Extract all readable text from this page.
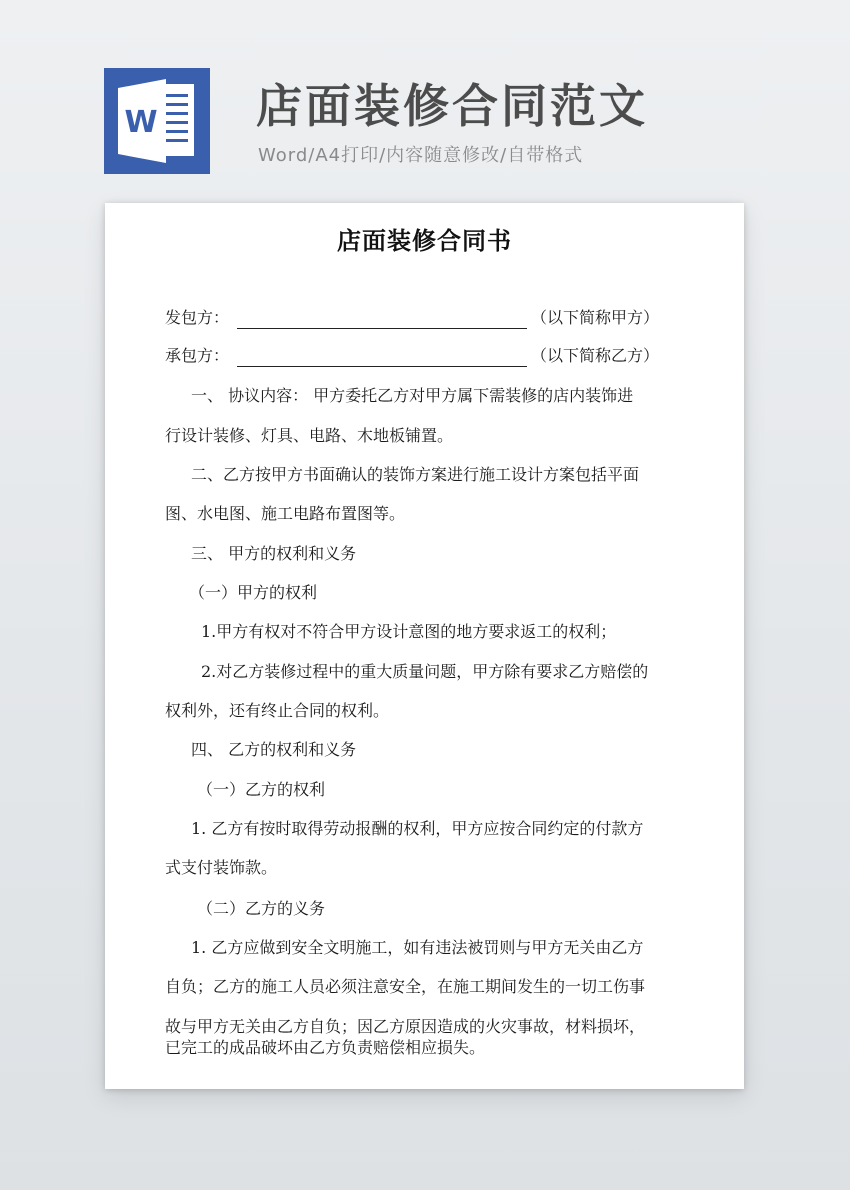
W 店面装修合同范文
Word/A4打印/内容随意修改/自带格式
店面装修合同书
发包方：	（以下简称甲方）
承包方：	（以下简称乙方）
一、 协议内容： 甲方委托乙方对甲方属下需装修的店内装饰进
行设计装修、灯具、电路、木地板铺置。
二、乙方按甲方书面确认的装饰方案进行施工设计方案包括平面
图、水电图、施工电路布置图等。
三、 甲方的权利和义务
（一）甲方的权利
1.甲方有权对不符合甲方设计意图的地方要求返工的权利；
2.对乙方装修过程中的重大质量问题，甲方除有要求乙方赔偿的
权利外，还有终止合同的权利。
四、 乙方的权利和义务
（一）乙方的权利
1. 乙方有按时取得劳动报酬的权利，甲方应按合同约定的付款方
式支付装饰款。
（二）乙方的义务
1. 乙方应做到安全文明施工，如有违法被罚则与甲方无关由乙方
自负；乙方的施工人员必须注意安全，在施工期间发生的一切工伤事
故与甲方无关由乙方自负；因乙方原因造成的火灾事故，材料损坏，
已完工的成品破坏由乙方负责赔偿相应损失。
